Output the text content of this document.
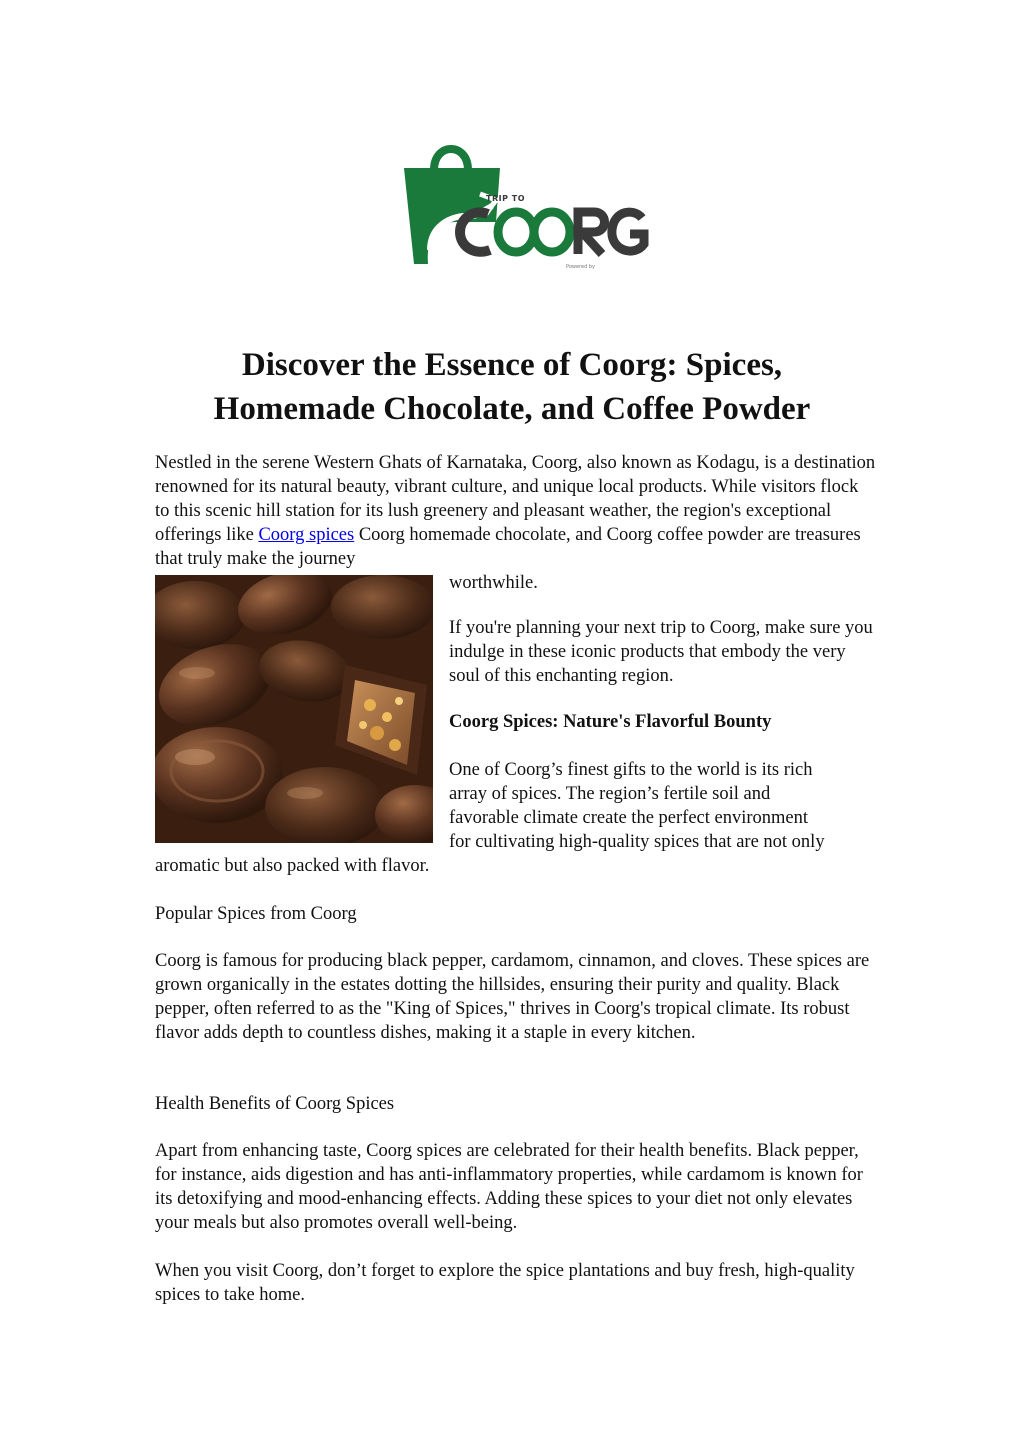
TRIP TO
Powered by
Discover the Essence of Coorg: Spices,
Homemade Chocolate, and Coffee Powder

Nestled in the serene Western Ghats of Karnataka, Coorg, also known as Kodagu, is a destination renowned for its natural beauty, vibrant culture, and unique local products. While visitors flock to this scenic hill station for its lush greenery and pleasant weather, the region's exceptional offerings like Coorg spices Coorg homemade chocolate, and Coorg coffee powder are treasures that truly make the journey

worthwhile.

If you're planning your next trip to Coorg, make sure you indulge in these iconic products that embody the very soul of this enchanting region.

Coorg Spices: Nature's Flavorful Bounty

One of Coorg’s finest gifts to the world is its rich

array of spices. The region’s fertile soil and

favorable climate create the perfect environment

for cultivating high-quality spices that are not only

aromatic but also packed with flavor.

Popular Spices from Coorg

Coorg is famous for producing black pepper, cardamom, cinnamon, and cloves. These spices are grown organically in the estates dotting the hillsides, ensuring their purity and quality. Black pepper, often referred to as the "King of Spices," thrives in Coorg's tropical climate. Its robust flavor adds depth to countless dishes, making it a staple in every kitchen.

Health Benefits of Coorg Spices

Apart from enhancing taste, Coorg spices are celebrated for their health benefits. Black pepper, for instance, aids digestion and has anti-inflammatory properties, while cardamom is known for its detoxifying and mood-enhancing effects. Adding these spices to your diet not only elevates your meals but also promotes overall well-being.

When you visit Coorg, don’t forget to explore the spice plantations and buy fresh, high-quality spices to take home.
